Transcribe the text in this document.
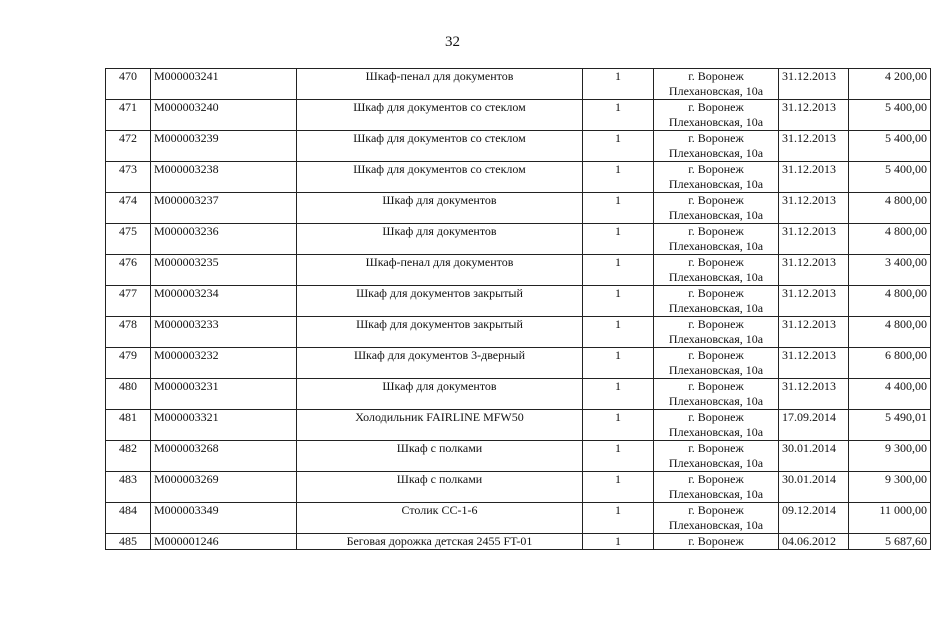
32
470	М000003241	Шкаф-пенал для документов	1	г. Воронеж
Плехановская, 10а	31.12.2013	4 200,00
471	М000003240	Шкаф для документов со стеклом	1	г. Воронеж
Плехановская, 10а	31.12.2013	5 400,00
472	М000003239	Шкаф для документов со стеклом	1	г. Воронеж
Плехановская, 10а	31.12.2013	5 400,00
473	М000003238	Шкаф для документов со стеклом	1	г. Воронеж
Плехановская, 10а	31.12.2013	5 400,00
474	М000003237	Шкаф для документов	1	г. Воронеж
Плехановская, 10а	31.12.2013	4 800,00
475	М000003236	Шкаф для документов	1	г. Воронеж
Плехановская, 10а	31.12.2013	4 800,00
476	М000003235	Шкаф-пенал для документов	1	г. Воронеж
Плехановская, 10а	31.12.2013	3 400,00
477	М000003234	Шкаф для документов закрытый	1	г. Воронеж
Плехановская, 10а	31.12.2013	4 800,00
478	М000003233	Шкаф для документов закрытый	1	г. Воронеж
Плехановская, 10а	31.12.2013	4 800,00
479	М000003232	Шкаф для документов 3-дверный	1	г. Воронеж
Плехановская, 10а	31.12.2013	6 800,00
480	М000003231	Шкаф для документов	1	г. Воронеж
Плехановская, 10а	31.12.2013	4 400,00
481	М000003321	Холодильник FAIRLINE MFW50	1	г. Воронеж
Плехановская, 10а	17.09.2014	5 490,01
482	М000003268	Шкаф с полками	1	г. Воронеж
Плехановская, 10а	30.01.2014	9 300,00
483	М000003269	Шкаф с полками	1	г. Воронеж
Плехановская, 10а	30.01.2014	9 300,00
484	М000003349	Столик СС-1-6	1	г. Воронеж
Плехановская, 10а	09.12.2014	11 000,00
485	М000001246	Беговая дорожка детская 2455 FT-01	1	г. Воронеж	04.06.2012	5 687,60
